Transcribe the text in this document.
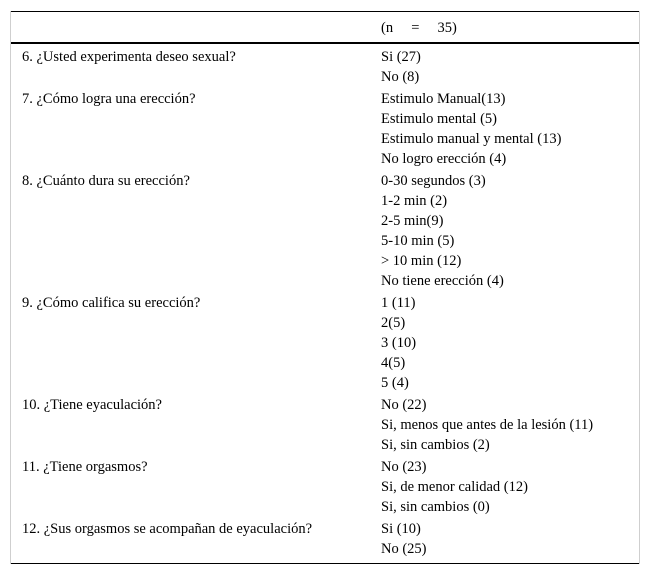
(n     =     35)
6. ¿Usted experimenta deseo sexual?	Si (27)
No (8)
7. ¿Cómo logra una erección?	Estimulo Manual(13)
Estimulo mental (5)
Estimulo manual y mental (13)
No logro erección (4)
8. ¿Cuánto dura su erección?	0-30 segundos (3)
1-2 min (2)
2-5 min(9)
5-10 min (5)
> 10 min (12)
No tiene erección (4)
9. ¿Cómo califica su erección?	1 (11)
2(5)
3 (10)
4(5)
5 (4)
10. ¿Tiene eyaculación?	No (22)
Si, menos que antes de la lesión (11)
Si, sin cambios (2)
11. ¿Tiene orgasmos?	No (23)
Si, de menor calidad (12)
Si, sin cambios (0)
12. ¿Sus orgasmos se acompañan de eyaculación?	Si (10)
No (25)
